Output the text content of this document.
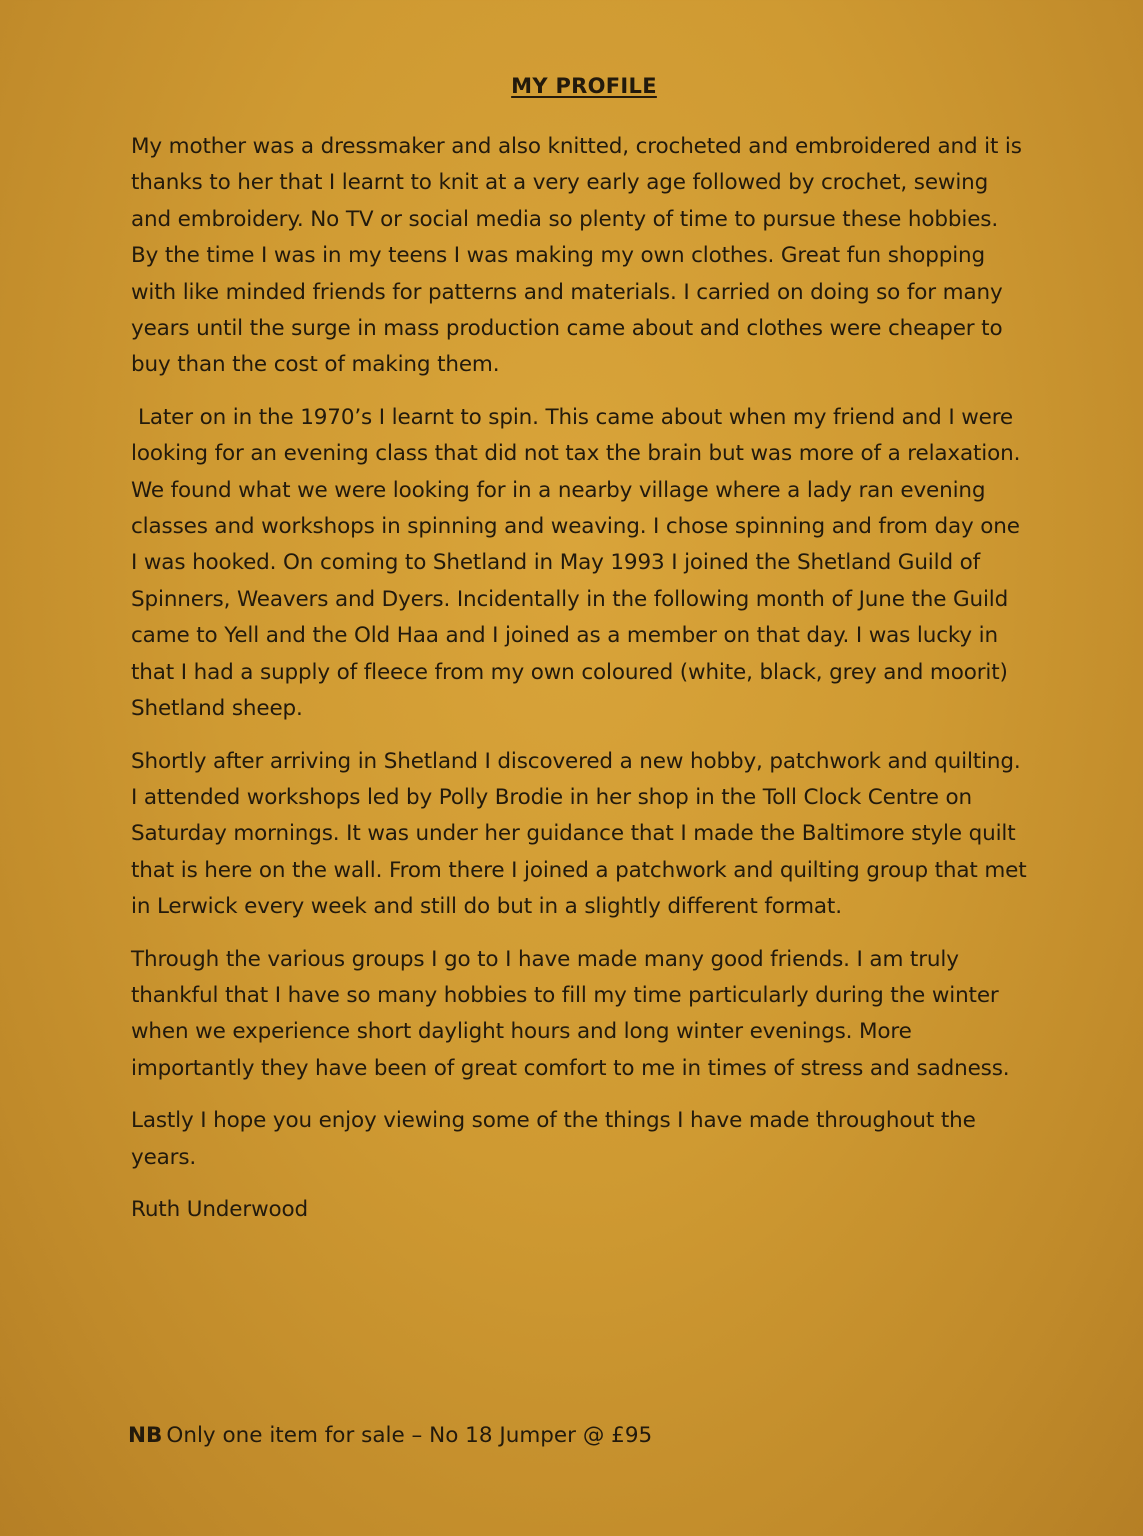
MY PROFILE

My mother was a dressmaker and also knitted, crocheted and embroidered and it is thanks to her that I learnt to knit at a very early age followed by crochet, sewing and embroidery. No TV or social media so plenty of time to pursue these hobbies. By the time I was in my teens I was making my own clothes. Great fun shopping with like minded friends for patterns and materials. I carried on doing so for many years until the surge in mass production came about and clothes were cheaper to buy than the cost of making them.

Later on in the 1970’s I learnt to spin. This came about when my friend and I were looking for an evening class that did not tax the brain but was more of a relaxation. We found what we were looking for in a nearby village where a lady ran evening classes and workshops in spinning and weaving. I chose spinning and from day one I was hooked. On coming to Shetland in May 1993 I joined the Shetland Guild of Spinners, Weavers and Dyers. Incidentally in the following month of June the Guild came to Yell and the Old Haa and I joined as a member on that day. I was lucky in that I had a supply of fleece from my own coloured (white, black, grey and moorit) Shetland sheep.

Shortly after arriving in Shetland I discovered a new hobby, patchwork and quilting. I attended workshops led by Polly Brodie in her shop in the Toll Clock Centre on Saturday mornings. It was under her guidance that I made the Baltimore style quilt that is here on the wall. From there I joined a patchwork and quilting group that met in Lerwick every week and still do but in a slightly different format.

Through the various groups I go to I have made many good friends. I am truly thankful that I have so many hobbies to fill my time particularly during the winter when we experience short daylight hours and long winter evenings. More importantly they have been of great comfort to me in times of stress and sadness.

Lastly I hope you enjoy viewing some of the things I have made throughout the years.

Ruth Underwood

NB Only one item for sale – No 18 Jumper @ £95
